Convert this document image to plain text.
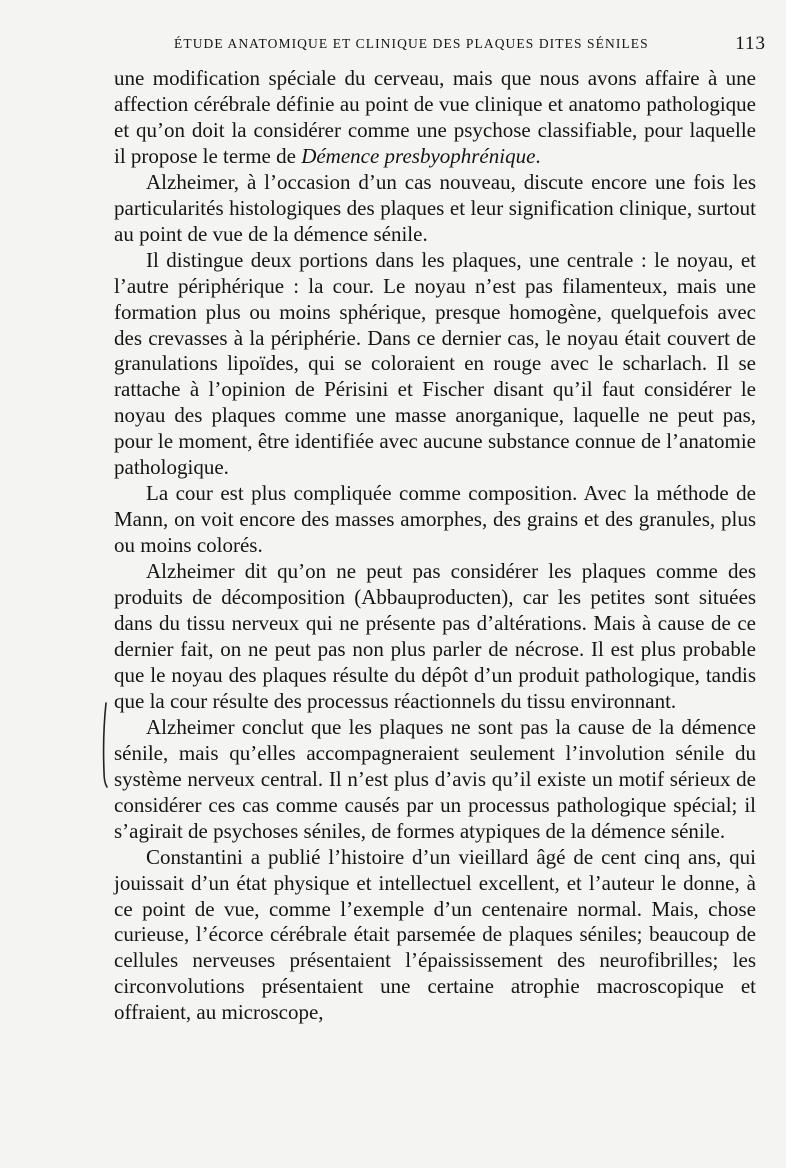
ÉTUDE ANATOMIQUE ET CLINIQUE DES PLAQUES DITES SÉNILES	113

une modification spéciale du cerveau, mais que nous avons affaire à une affection cérébrale définie au point de vue clinique et anatomo pathologique et qu’on doit la considérer comme une psychose classifiable, pour laquelle il propose le terme de Démence presbyophrénique.

Alzheimer, à l’occasion d’un cas nouveau, discute encore une fois les particularités histologiques des plaques et leur signification clinique, surtout au point de vue de la démence sénile.

Il distingue deux portions dans les plaques, une centrale : le noyau, et l’autre périphérique : la cour. Le noyau n’est pas filamenteux, mais une formation plus ou moins sphérique, presque homogène, quelquefois avec des crevasses à la périphérie. Dans ce dernier cas, le noyau était couvert de granulations lipoïdes, qui se coloraient en rouge avec le scharlach. Il se rattache à l’opinion de Périsini et Fischer disant qu’il faut considérer le noyau des plaques comme une masse anorganique, laquelle ne peut pas, pour le moment, être identifiée avec aucune substance connue de l’anatomie pathologique.

La cour est plus compliquée comme composition. Avec la méthode de Mann, on voit encore des masses amorphes, des grains et des granules, plus ou moins colorés.

Alzheimer dit qu’on ne peut pas considérer les plaques comme des produits de décomposition (Abbauproducten), car les petites sont situées dans du tissu nerveux qui ne présente pas d’altérations. Mais à cause de ce dernier fait, on ne peut pas non plus parler de nécrose. Il est plus probable que le noyau des plaques résulte du dépôt d’un produit pathologique, tandis que la cour résulte des processus réactionnels du tissu environnant.

Alzheimer conclut que les plaques ne sont pas la cause de la démence sénile, mais qu’elles accompagneraient seulement l’involution sénile du système nerveux central. Il n’est plus d’avis qu’il existe un motif sérieux de considérer ces cas comme causés par un processus pathologique spécial; il s’agirait de psychoses séniles, de formes atypiques de la démence sénile.

Constantini a publié l’histoire d’un vieillard âgé de cent cinq ans, qui jouissait d’un état physique et intellectuel excellent, et l’auteur le donne, à ce point de vue, comme l’exemple d’un centenaire normal. Mais, chose curieuse, l’écorce cérébrale était parsemée de plaques séniles; beaucoup de cellules nerveuses présentaient l’épaississement des neurofibrilles; les circonvolutions présentaient une certaine atrophie macroscopique et offraient, au microscope,
